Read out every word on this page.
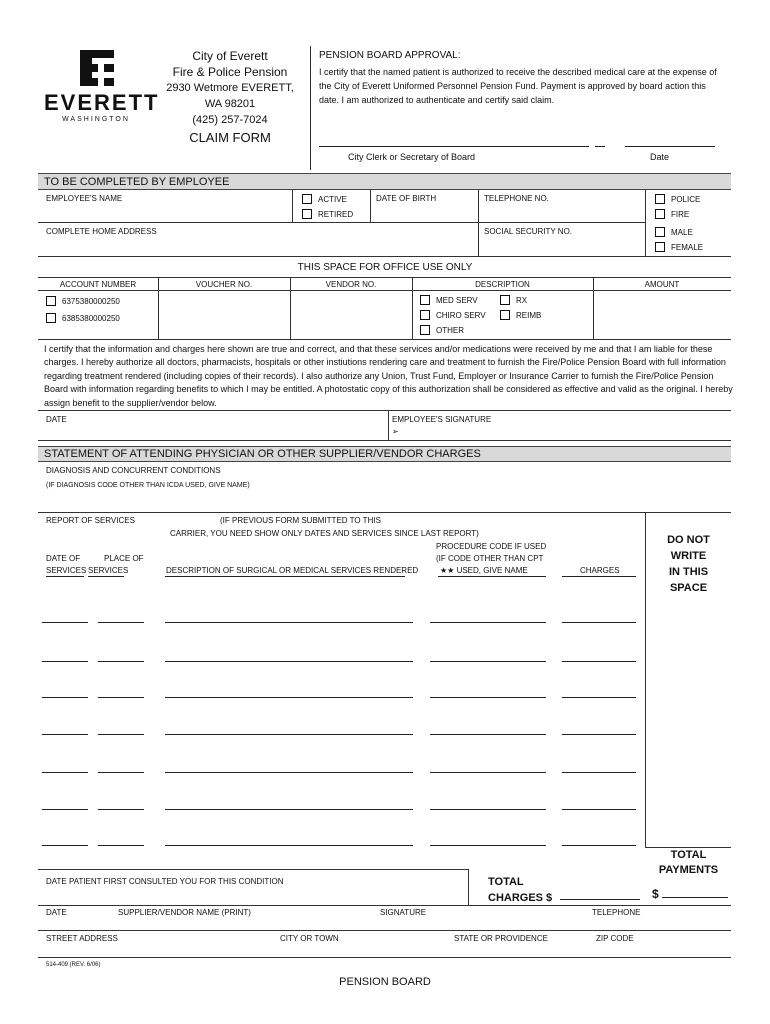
EVERETT
WASHINGTON
City of Everett
Fire & Police Pension
2930 Wetmore EVERETT,
WA 98201
(425) 257-7024
CLAIM FORM
PENSION BOARD APPROVAL:
I certify that the named patient is authorized to receive the described medical care at the expense of the City of Everett Uniformed Personnel Pension Fund. Payment is approved by board action this date. I am authorized to authenticate and certify said claim.
City Clerk or Secretary of Board	Date
TO BE COMPLETED BY EMPLOYEE
EMPLOYEE'S NAME	ACTIVE
RETIRED
DATE OF BIRTH	TELEPHONE NO.	POLICE
FIRE
COMPLETE HOME ADDRESS	SOCIAL SECURITY NO.	MALE
FEMALE
THIS SPACE FOR OFFICE USE ONLY
ACCOUNT NUMBER	VOUCHER NO.	VENDOR NO.	DESCRIPTION	AMOUNT
6375380000250
6385380000250
MED SERV	RX
CHIRO SERV	REIMB
OTHER
I certify that the information and charges here shown are true and correct, and that these services and/or medications were received by me and that I am liable for these charges. I hereby authorize all doctors, pharmacists, hospitals or other instiutions rendering care and treatment to furnish the Fire/Police Pension Board with full information regarding treatment rendered (including copies of their records). I also authorize any Union, Trust Fund, Employer or Insurance Carrier to furnish the Fire/Police Pension Board with information regarding benefits to which I may be entitled. A photostatic copy of this authorization shall be considered as effective and valid as the original. I hereby assign benefit to the supplier/vendor below.
DATE	EMPLOYEE'S SIGNATURE
➢
STATEMENT OF ATTENDING PHYSICIAN OR OTHER SUPPLIER/VENDOR CHARGES
DIAGNOSIS AND CONCURRENT CONDITIONS
(IF DIAGNOSIS CODE OTHER THAN ICDA USED, GIVE NAME)
REPORT OF SERVICES	(IF PREVIOUS FORM SUBMITTED TO THIS
CARRIER, YOU NEED SHOW ONLY DATES AND SERVICES SINCE LAST REPORT)
PROCEDURE CODE IF USED
(IF CODE OTHER THAN CPT
★★ USED, GIVE NAME
DATE OF
SERVICES
PLACE OF
SERVICES	DESCRIPTION OF SURGICAL OR MEDICAL SERVICES RENDERED	CHARGES
DO NOT
WRITE
IN THIS
SPACE
TOTAL
PAYMENTS
$
DATE PATIENT FIRST CONSULTED YOU FOR THIS CONDITION	TOTAL
CHARGES $
DATE	SUPPLIER/VENDOR NAME (PRINT)	SIGNATURE	TELEPHONE
STREET ADDRESS	CITY OR TOWN	STATE OR PROVIDENCE	ZIP CODE
514-409 (REV. 6/06)
PENSION BOARD
